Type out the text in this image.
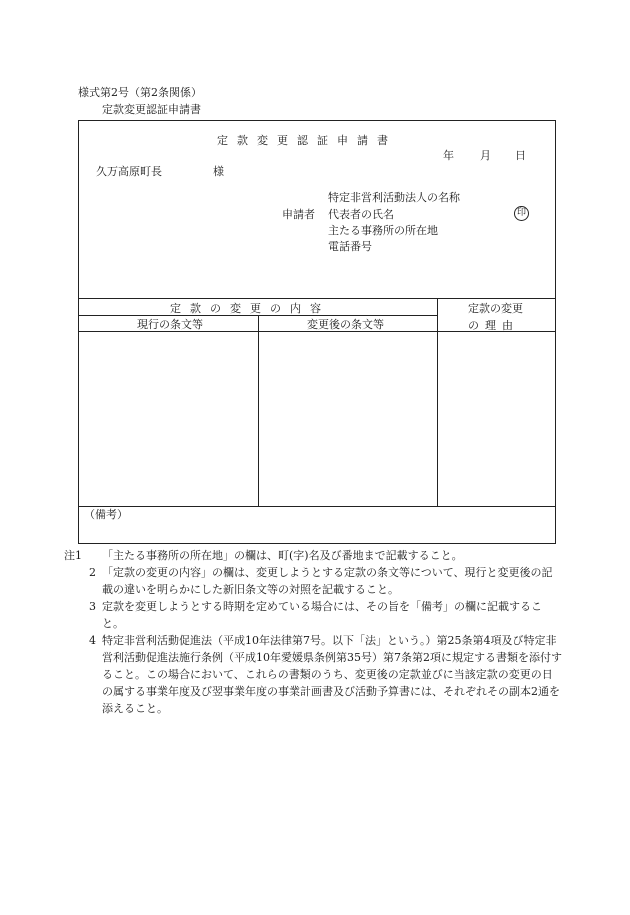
様式第2号（第2条関係）
定款変更認証申請書
定款変更認証申請書
年 月 日
久万高原町長	様
申請者
特定非営利活動法人の名称
代表者の氏名
主たる事務所の所在地
電話番号
印
定款の変更の内容	定款の変更
の理由
現行の条文等	変更後の条文等
（備考）
注1	「主たる事務所の所在地」の欄は、町(字)名及び番地まで記載すること。
2 「定款の変更の内容」の欄は、変更しようとする定款の条文等について、現行と変更後の記載の違いを明らかにした新旧条文等の対照を記載すること。
3 定款を変更しようとする時期を定めている場合には、その旨を「備考」の欄に記載すること。
4 特定非営利活動促進法（平成10年法律第7号。以下「法」という。）第25条第4項及び特定非営利活動促進法施行条例（平成10年愛媛県条例第35号）第7条第2項に規定する書類を添付すること。この場合において、これらの書類のうち、変更後の定款並びに当該定款の変更の日の属する事業年度及び翌事業年度の事業計画書及び活動予算書には、それぞれその副本2通を添えること。
